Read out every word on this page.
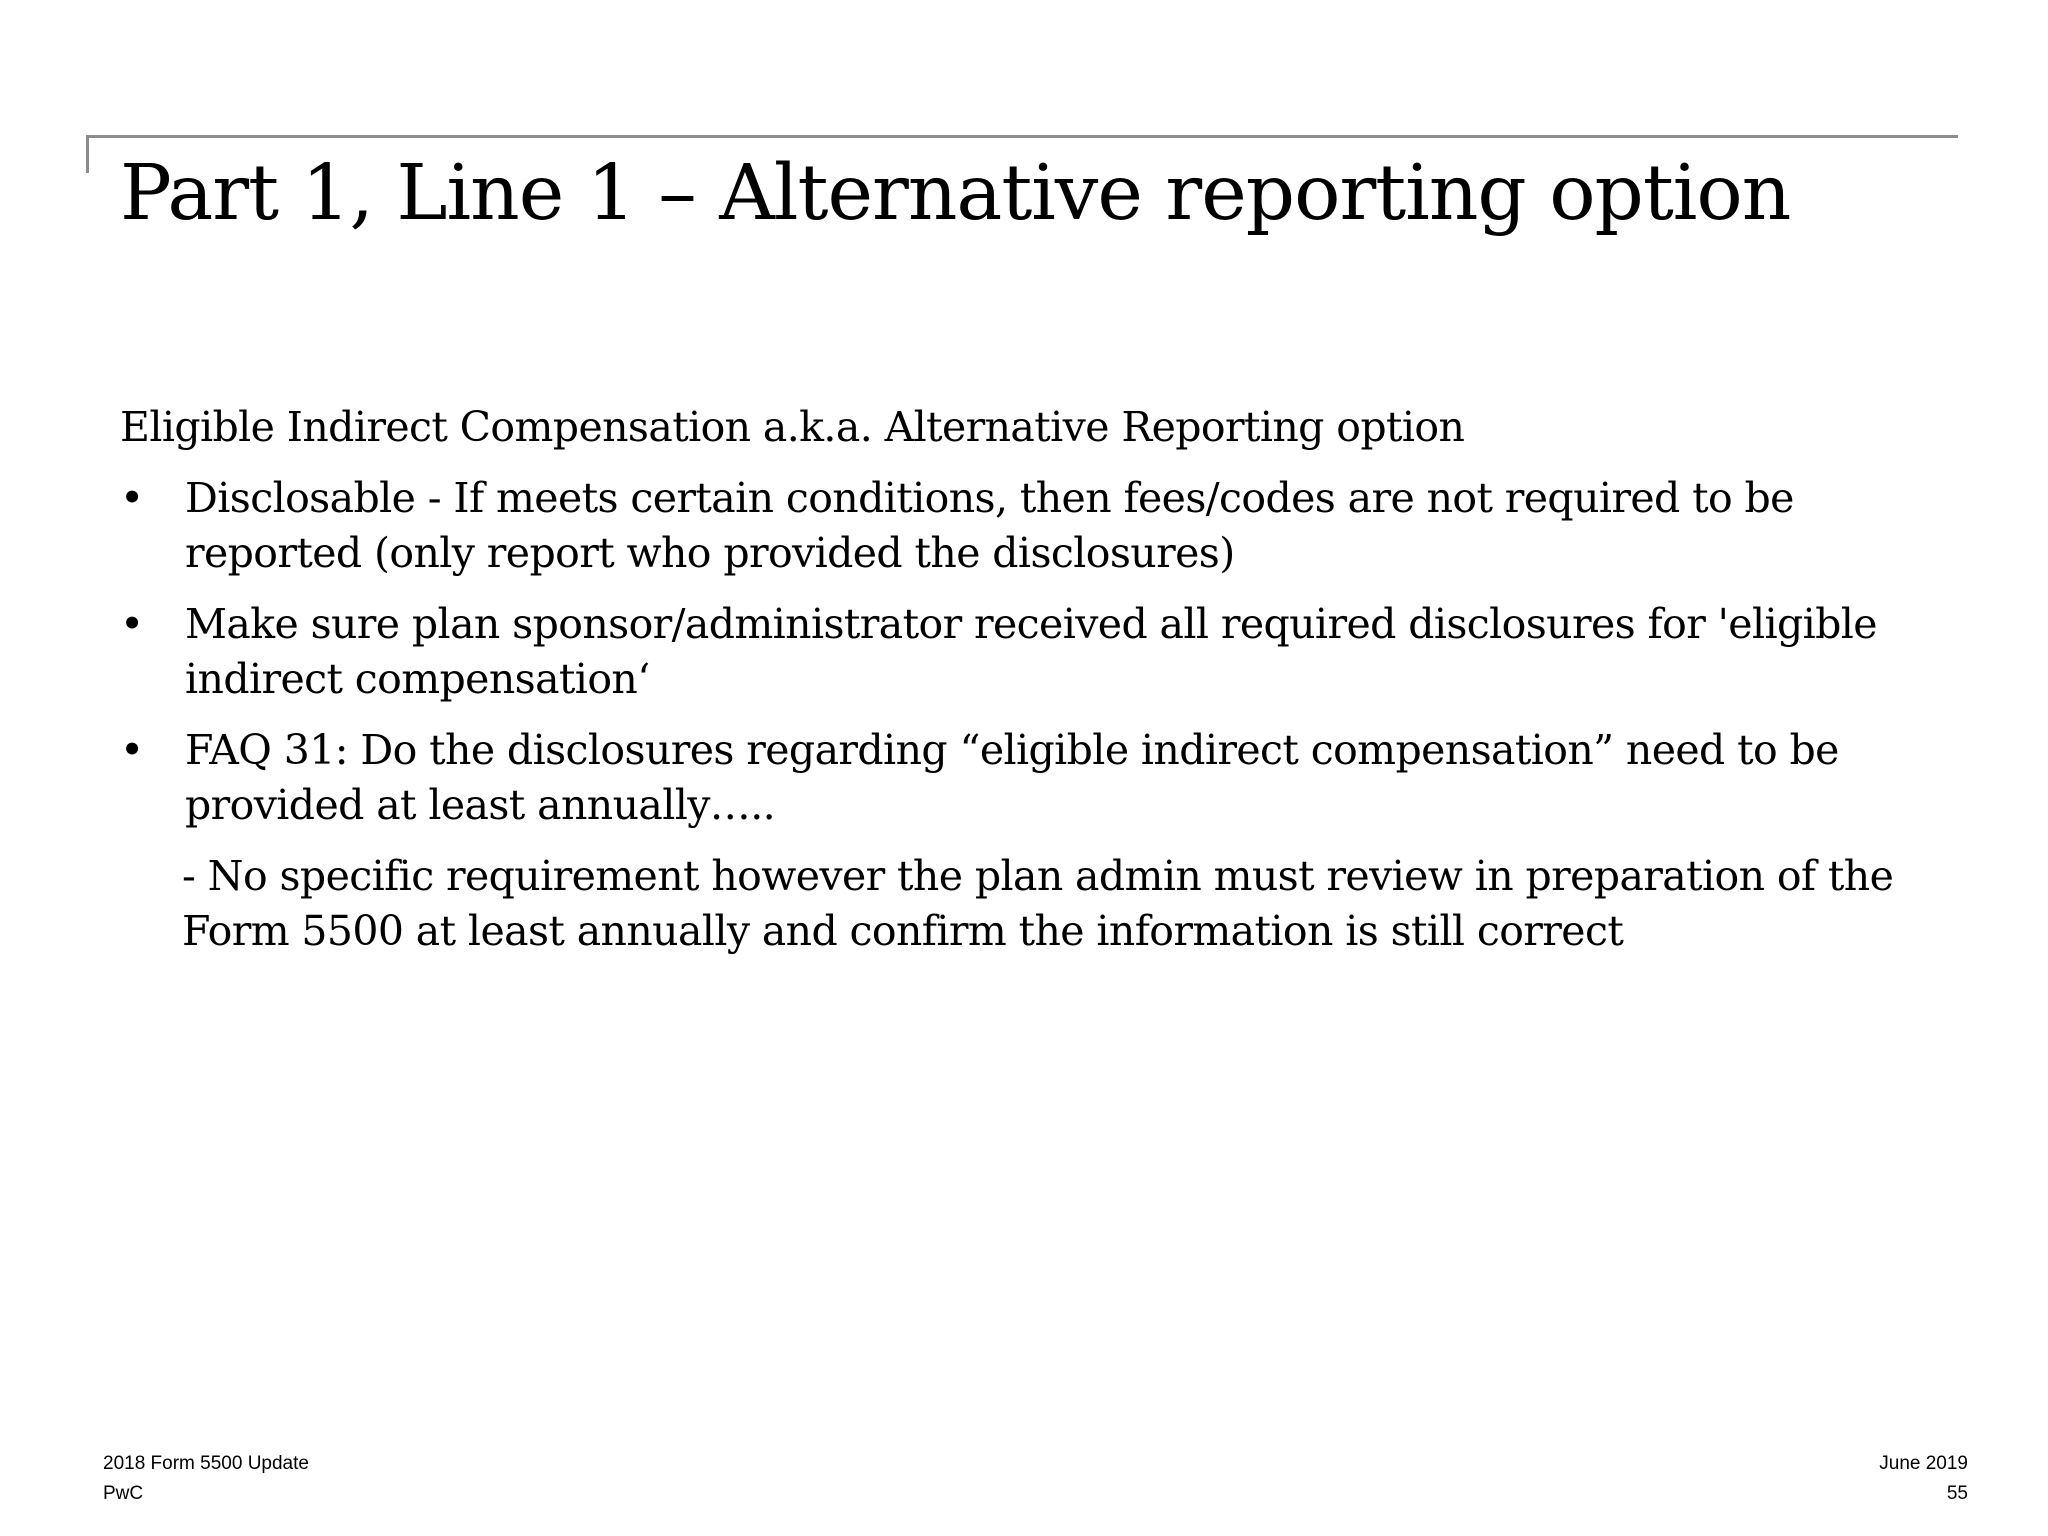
Part 1, Line 1 – Alternative reporting option

Eligible Indirect Compensation a.k.a. Alternative Reporting option

• Disclosable - If meets certain conditions, then fees/codes are not required to be reported (only report who provided the disclosures)
• Make sure plan sponsor/administrator received all required disclosures for 'eligible indirect compensation‘
• FAQ 31: Do the disclosures regarding “eligible indirect compensation” need to be provided at least annually…..

- No specific requirement however the plan admin must review in preparation of the Form 5500 at least annually and confirm the information is still correct

2018 Form 5500 Update
PwC
June 2019
55
